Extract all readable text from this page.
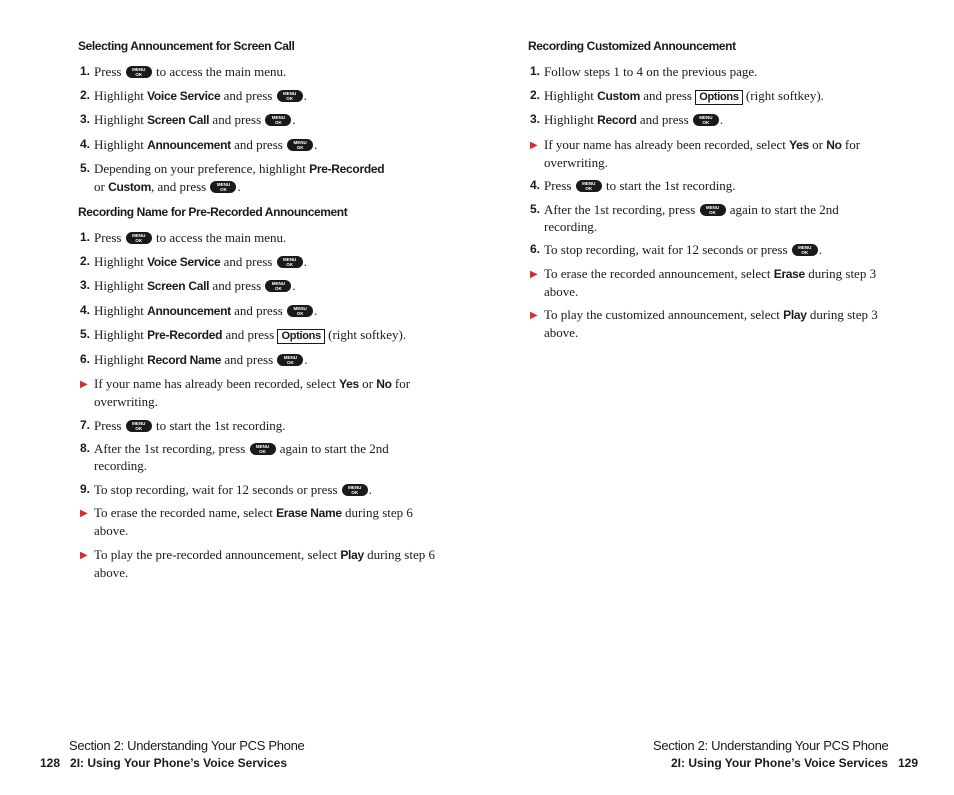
Selecting Announcement for Screen Call
1. Press	MENU
OK	to access the main menu.
2. Highlight Voice Service and press	MENU
OK .
3. Highlight Screen Call and press	MENU
OK .
4. Highlight Announcement and press	MENU
OK .
5. Depending on your preference, highlight Pre-Recorded
or Custom, and press	MENU
OK .
Recording Name for Pre-Recorded Announcement
1. Press	MENU
OK	to access the main menu.
2. Highlight Voice Service and press	MENU
OK .
3. Highlight Screen Call and press	MENU
OK .
4. Highlight Announcement and press	MENU
OK .
5. Highlight Pre-Recorded and press Options (right softkey).
6. Highlight Record Name and press	MENU
OK .
▶ If your name has already been recorded, select Yes or No for overwriting.
7. Press	MENU
OK	to start the 1st recording.
8. After the 1st recording, press	MENU
OK	again to start the 2nd recording.
9. To stop recording, wait for 12 seconds or press	MENU
OK .
▶ To erase the recorded name, select Erase Name during step 6 above.
▶ To play the pre-recorded announcement, select Play during step 6 above.
Recording Customized Announcement
1. Follow steps 1 to 4 on the previous page.
2. Highlight Custom and press Options (right softkey).
3. Highlight Record and press	MENU
OK .
▶ If your name has already been recorded, select Yes or No for overwriting.
4. Press	MENU
OK	to start the 1st recording.
5. After the 1st recording, press	MENU
OK	again to start the 2nd recording.
6. To stop recording, wait for 12 seconds or press	MENU
OK .
▶ To erase the recorded announcement, select Erase during step 3 above.
▶ To play the customized announcement, select Play during step 3 above.
Section 2: Understanding Your PCS Phone
128 2I: Using Your Phone’s Voice Services
Section 2: Understanding Your PCS Phone
2I: Using Your Phone’s Voice Services 129
